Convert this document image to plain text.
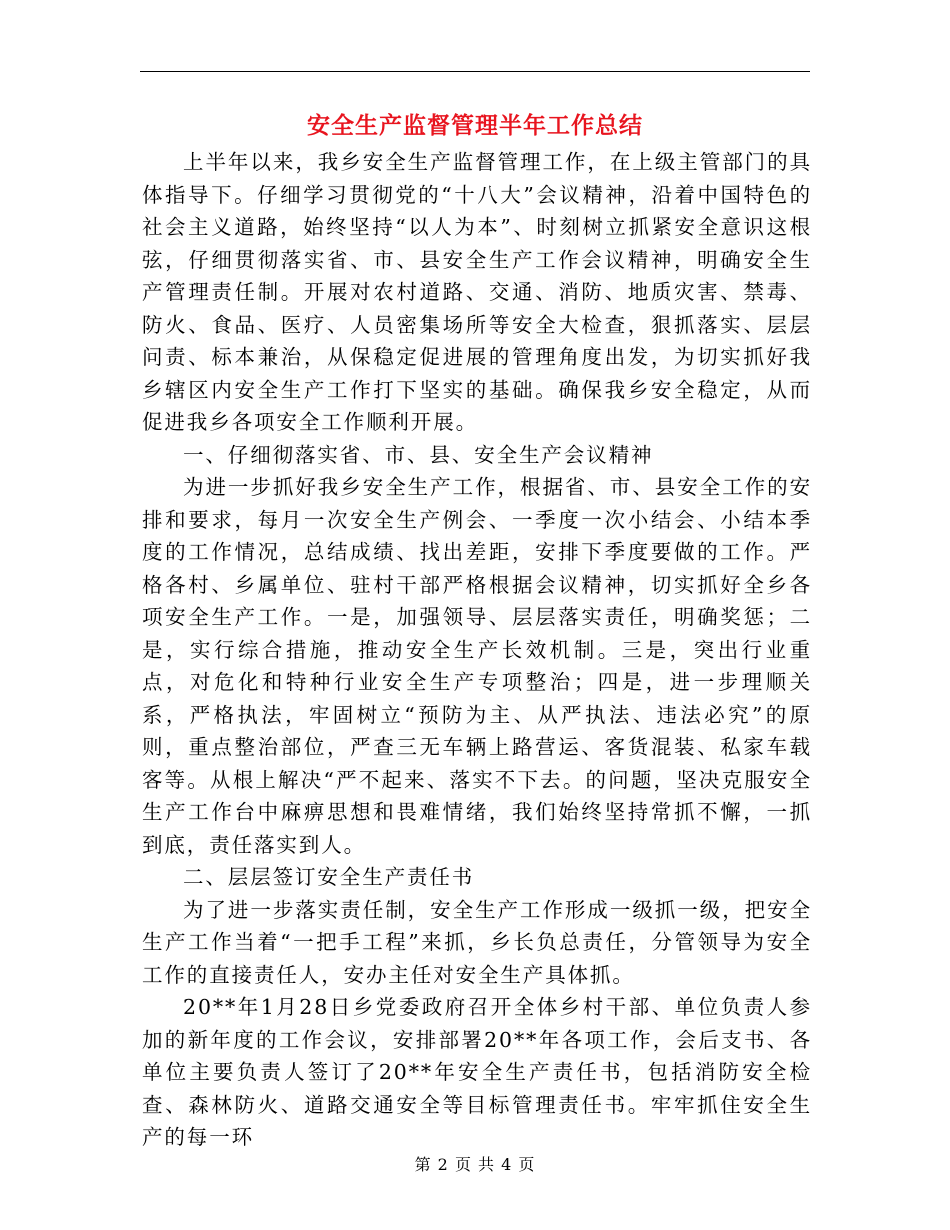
安全生产监督管理半年工作总结

上半年以来，我乡安全生产监督管理工作，在上级主管部门的具体指导下。仔细学习贯彻党的“十八大”会议精神，沿着中国特色的社会主义道路，始终坚持“以人为本”、时刻树立抓紧安全意识这根弦，仔细贯彻落实省、市、县安全生产工作会议精神，明确安全生产管理责任制。开展对农村道路、交通、消防、地质灾害、禁毒、防火、食品、医疗、人员密集场所等安全大检查，狠抓落实、层层问责、标本兼治，从保稳定促进展的管理角度出发，为切实抓好我乡辖区内安全生产工作打下坚实的基础。确保我乡安全稳定，从而促进我乡各项安全工作顺利开展。

一、仔细彻落实省、市、县、安全生产会议精神

为进一步抓好我乡安全生产工作，根据省、市、县安全工作的安排和要求，每月一次安全生产例会、一季度一次小结会、小结本季度的工作情况，总结成绩、找出差距，安排下季度要做的工作。严格各村、乡属单位、驻村干部严格根据会议精神，切实抓好全乡各项安全生产工作。一是，加强领导、层层落实责任，明确奖惩；二是，实行综合措施，推动安全生产长效机制。三是，突出行业重点，对危化和特种行业安全生产专项整治；四是，进一步理顺关系，严格执法，牢固树立“预防为主、从严执法、违法必究”的原则，重点整治部位，严查三无车辆上路营运、客货混装、私家车载客等。从根上解决“严不起来、落实不下去。的问题，坚决克服安全生产工作台中麻痹思想和畏难情绪，我们始终坚持常抓不懈，一抓到底，责任落实到人。

二、层层签订安全生产责任书

为了进一步落实责任制，安全生产工作形成一级抓一级，把安全生产工作当着“一把手工程”来抓，乡长负总责任，分管领导为安全工作的直接责任人，安办主任对安全生产具体抓。

20**年1月28日乡党委政府召开全体乡村干部、单位负责人参加的新年度的工作会议，安排部署20**年各项工作，会后支书、各单位主要负责人签订了20**年安全生产责任书，包括消防安全检查、森林防火、道路交通安全等目标管理责任书。牢牢抓住安全生产的每一环

第 2 页 共 4 页
